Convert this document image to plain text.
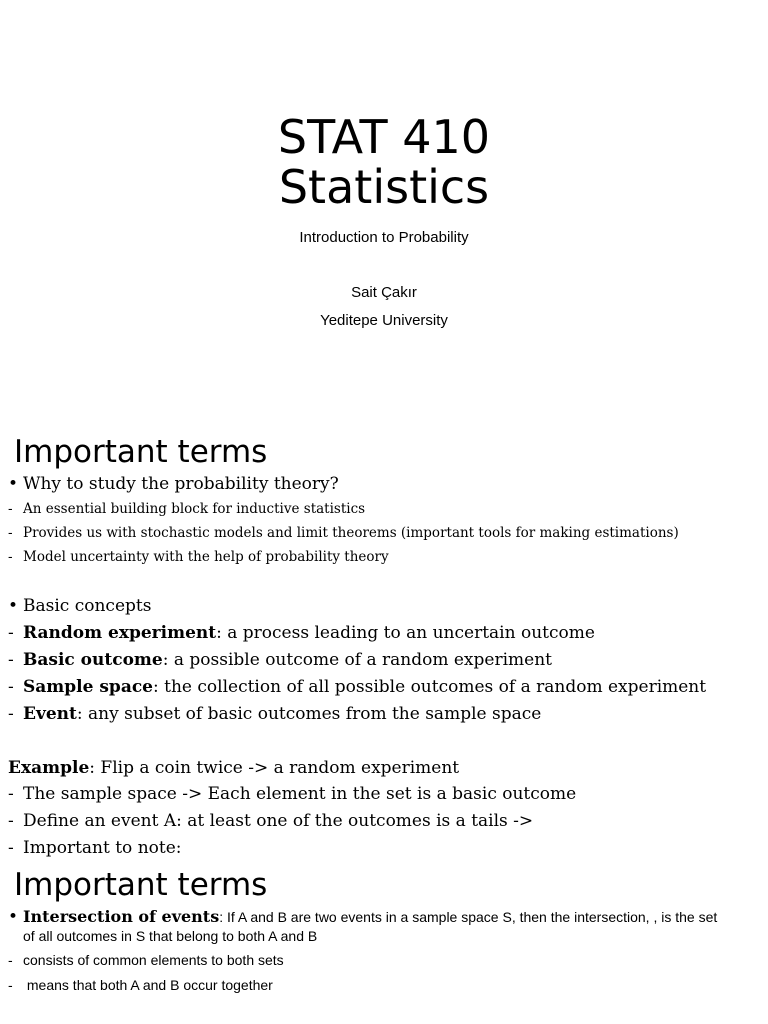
STAT 410
Statistics
Introduction to Probability
Sait Çakır
Yeditepe University
Important terms
• Why to study the probability theory?
- An essential building block for inductive statistics
- Provides us with stochastic models and limit theorems (important tools for making estimations)
- Model uncertainty with the help of probability theory
• Basic concepts
- Random experiment: a process leading to an uncertain outcome
- Basic outcome: a possible outcome of a random experiment
- Sample space: the collection of all possible outcomes of a random experiment
- Event: any subset of basic outcomes from the sample space
Example: Flip a coin twice -> a random experiment
- The sample space -> Each element in the set is a basic outcome
- Define an event A: at least one of the outcomes is a tails ->
- Important to note:
Important terms
• Intersection of events: If A and B are two events in a sample space S, then the intersection, , is the set
of all outcomes in S that belong to both A and B
- consists of common elements to both sets
- means that both A and B occur together
